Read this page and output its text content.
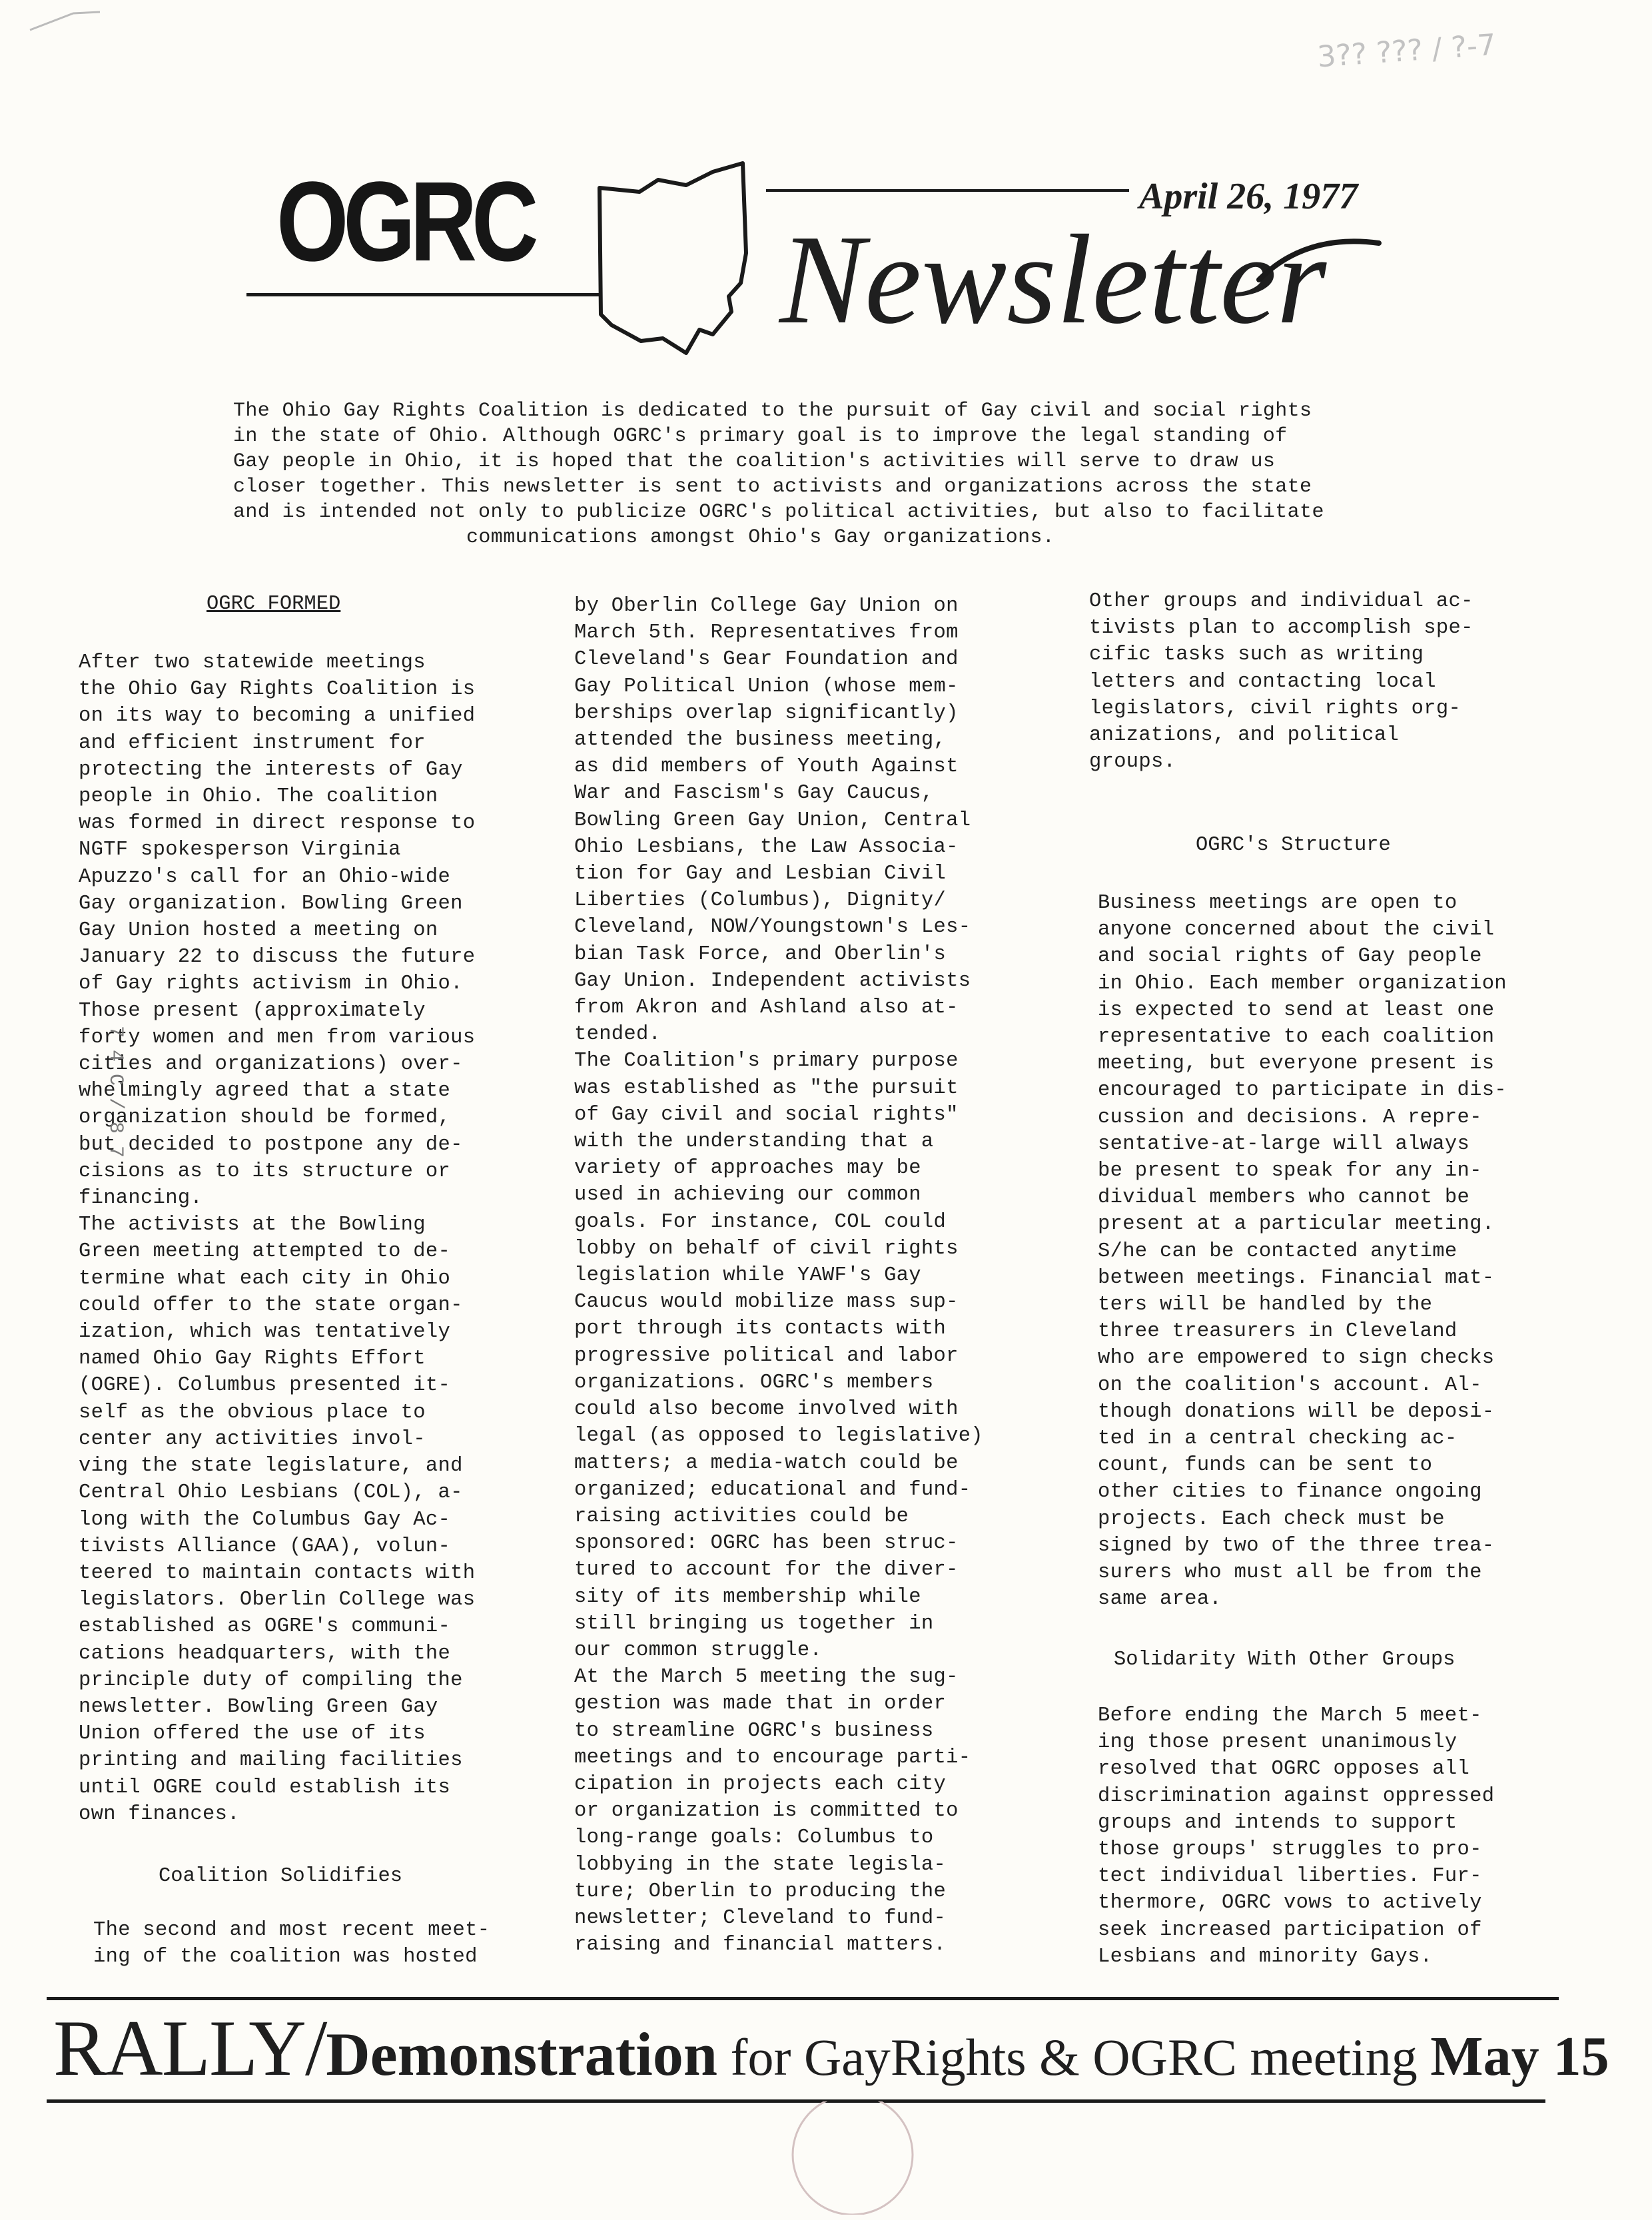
3?? ??? / ?-7
OGRC	April 26, 1977
Newsletter

The Ohio Gay Rights Coalition is dedicated to the pursuit of Gay civil and social rights

in the state of Ohio. Although OGRC's primary goal is to improve the legal standing of

Gay people in Ohio, it is hoped that the coalition's activities will serve to draw us

closer together. This newsletter is sent to activists and organizations across the state

and is intended not only to publicize OGRC's political activities, but also to facilitate

communications amongst Ohio's Gay organizations.

OGRC FORMED

After two statewide meetings

the Ohio Gay Rights Coalition is

on its way to becoming a unified

and efficient instrument for

protecting the interests of Gay

people in Ohio. The coalition

was formed in direct response to

NGTF spokesperson Virginia

Apuzzo's call for an Ohio-wide

Gay organization. Bowling Green

Gay Union hosted a meeting on

January 22 to discuss the future

of Gay rights activism in Ohio.

Those present (approximately

forty women and men from various

cities and organizations) over-

whelmingly agreed that a state

organization should be formed,

but decided to postpone any de-

cisions as to its structure or

financing.

The activists at the Bowling

Green meeting attempted to de-

termine what each city in Ohio

could offer to the state organ-

ization, which was tentatively

named Ohio Gay Rights Effort

(OGRE). Columbus presented it-

self as the obvious place to

center any activities invol-

ving the state legislature, and

Central Ohio Lesbians (COL), a-

long with the Columbus Gay Ac-

tivists Alliance (GAA), volun-

teered to maintain contacts with

legislators. Oberlin College was

established as OGRE's communi-

cations headquarters, with the

principle duty of compiling the

newsletter. Bowling Green Gay

Union offered the use of its

printing and mailing facilities

until OGRE could establish its

own finances.

Coalition Solidifies

The second and most recent meet-

ing of the coalition was hosted

by Oberlin College Gay Union on

March 5th. Representatives from

Cleveland's Gear Foundation and

Gay Political Union (whose mem-

berships overlap significantly)

attended the business meeting,

as did members of Youth Against

War and Fascism's Gay Caucus,

Bowling Green Gay Union, Central

Ohio Lesbians, the Law Associa-

tion for Gay and Lesbian Civil

Liberties (Columbus), Dignity/

Cleveland, NOW/Youngstown's Les-

bian Task Force, and Oberlin's

Gay Union. Independent activists

from Akron and Ashland also at-

tended.

The Coalition's primary purpose

was established as "the pursuit

of Gay civil and social rights"

with the understanding that a

variety of approaches may be

used in achieving our common

goals. For instance, COL could

lobby on behalf of civil rights

legislation while YAWF's Gay

Caucus would mobilize mass sup-

port through its contacts with

progressive political and labor

organizations. OGRC's members

could also become involved with

legal (as opposed to legislative)

matters; a media-watch could be

organized; educational and fund-

raising activities could be

sponsored: OGRC has been struc-

tured to account for the diver-

sity of its membership while

still bringing us together in

our common struggle.

At the March 5 meeting the sug-

gestion was made that in order

to streamline OGRC's business

meetings and to encourage parti-

cipation in projects each city

or organization is committed to

long-range goals: Columbus to

lobbying in the state legisla-

ture; Oberlin to producing the

newsletter; Cleveland to fund-

raising and financial matters.

Other groups and individual ac-

tivists plan to accomplish spe-

cific tasks such as writing

letters and contacting local

legislators, civil rights org-

anizations, and political

groups.

OGRC's Structure

Business meetings are open to

anyone concerned about the civil

and social rights of Gay people

in Ohio. Each member organization

is expected to send at least one

representative to each coalition

meeting, but everyone present is

encouraged to participate in dis-

cussion and decisions. A repre-

sentative-at-large will always

be present to speak for any in-

dividual members who cannot be

present at a particular meeting.

S/he can be contacted anytime

between meetings. Financial mat-

ters will be handled by the

three treasurers in Cleveland

who are empowered to sign checks

on the coalition's account. Al-

though donations will be deposi-

ted in a central checking ac-

count, funds can be sent to

other cities to finance ongoing

projects. Each check must be

signed by two of the three trea-

surers who must all be from the

same area.

Solidarity With Other Groups

Before ending the March 5 meet-

ing those present unanimously

resolved that OGRC opposes all

discrimination against oppressed

groups and intends to support

those groups' struggles to pro-

tect individual liberties. Fur-

thermore, OGRC vows to actively

seek increased participation of

Lesbians and minority Gays.

7 4 C / 8 7
RALLY/Demonstration for GayRights & OGRC meeting May 15
